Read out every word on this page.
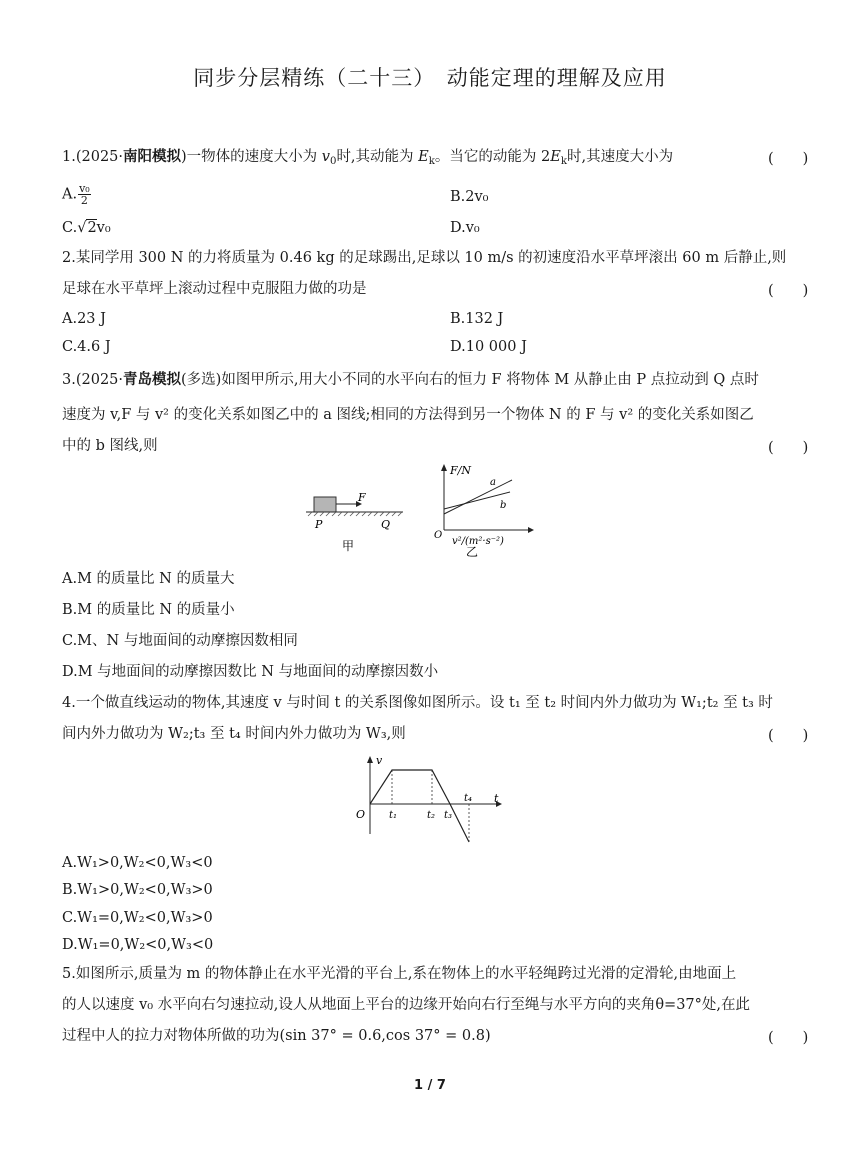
同步分层精练（二十三）　动能定理的理解及应用
1.(2025·南阳模拟)一物体的速度大小为 $v_0$时,其动能为 $E_k$。当它的动能为 $2E_k$时,其速度大小为	(　　)
A. $\frac{\text{v₀}}{2}$	B.2v₀
C.√2v₀	D.v₀
2.某同学用 300 N 的力将质量为 0.46 kg 的足球踢出,足球以 10 m/s 的初速度沿水平草坪滚出 60 m 后静止,则
足球在水平草坪上滚动过程中克服阻力做的功是	(　　)
A.23 J	B.132 J
C.4.6 J	D.10 000 J
3.(2025·青岛模拟(多选)如图甲所示,用大小不同的水平向右的恒力 F 将物体 M 从静止由 P 点拉动到 Q 点时
速度为 v,F 与 v² 的变化关系如图乙中的 a 图线;相同的方法得到另一个物体 N 的 F 与 v² 的变化关系如图乙
中的 b 图线,则	(　　)
F
P	Q
甲
F/N
O
a
b
v²/(m²·s⁻²)
乙
A.M 的质量比 N 的质量大
B.M 的质量比 N 的质量小
C.M、N 与地面间的动摩擦因数相同
D.M 与地面间的动摩擦因数比 N 与地面间的动摩擦因数小
4.一个做直线运动的物体,其速度 v 与时间 t 的关系图像如图所示。设 t₁ 至 t₂ 时间内外力做功为 W₁;t₂ 至 t₃ 时
间内外力做功为 W₂;t₃ 至 t₄ 时间内外力做功为 W₃,则	(　　)
v
t
O t₁	t₂ t₃
t₄
A.W₁>0,W₂<0,W₃<0
B.W₁>0,W₂<0,W₃>0
C.W₁=0,W₂<0,W₃>0
D.W₁=0,W₂<0,W₃<0
5.如图所示,质量为 m 的物体静止在水平光滑的平台上,系在物体上的水平轻绳跨过光滑的定滑轮,由地面上
的人以速度 v₀ 水平向右匀速拉动,设人从地面上平台的边缘开始向右行至绳与水平方向的夹角θ=37°处,在此
过程中人的拉力对物体所做的功为(sin 37° = 0.6,cos 37° = 0.8)	(　　)
1 / 7
